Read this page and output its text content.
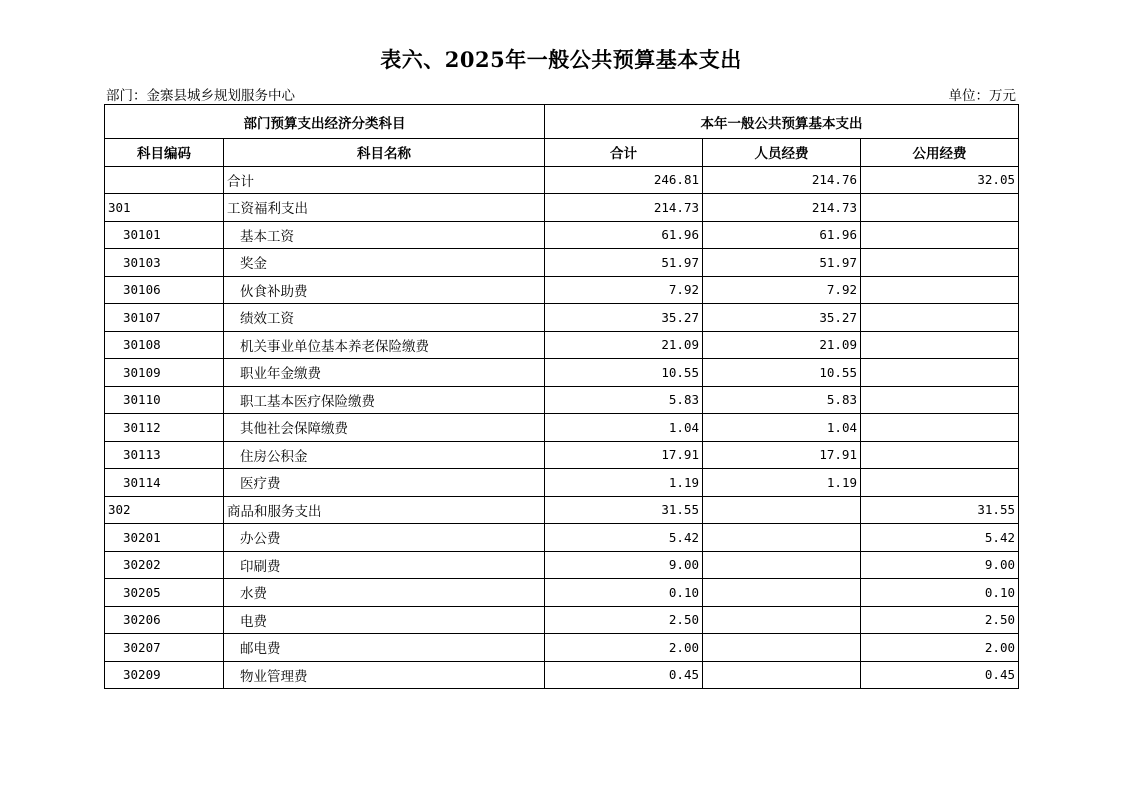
表六、2025年一般公共预算基本支出
部门：金寨县城乡规划服务中心	单位：万元
部门预算支出经济分类科目		本年一般公共预算基本支出		
科目编码	科目名称	合计	人员经费	公用经费
	合计	246.81	214.76	32.05
301	工资福利支出	214.73	214.73	
30101	基本工资	61.96	61.96	
30103	奖金	51.97	51.97	
30106	伙食补助费	7.92	7.92	
30107	绩效工资	35.27	35.27	
30108	机关事业单位基本养老保险缴费	21.09	21.09	
30109	职业年金缴费	10.55	10.55	
30110	职工基本医疗保险缴费	5.83	5.83	
30112	其他社会保障缴费	1.04	1.04	
30113	住房公积金	17.91	17.91	
30114	医疗费	1.19	1.19	
302	商品和服务支出	31.55		31.55
30201	办公费	5.42		5.42
30202	印刷费	9.00		9.00
30205	水费	0.10		0.10
30206	电费	2.50		2.50
30207	邮电费	2.00		2.00
30209	物业管理费	0.45		0.45
